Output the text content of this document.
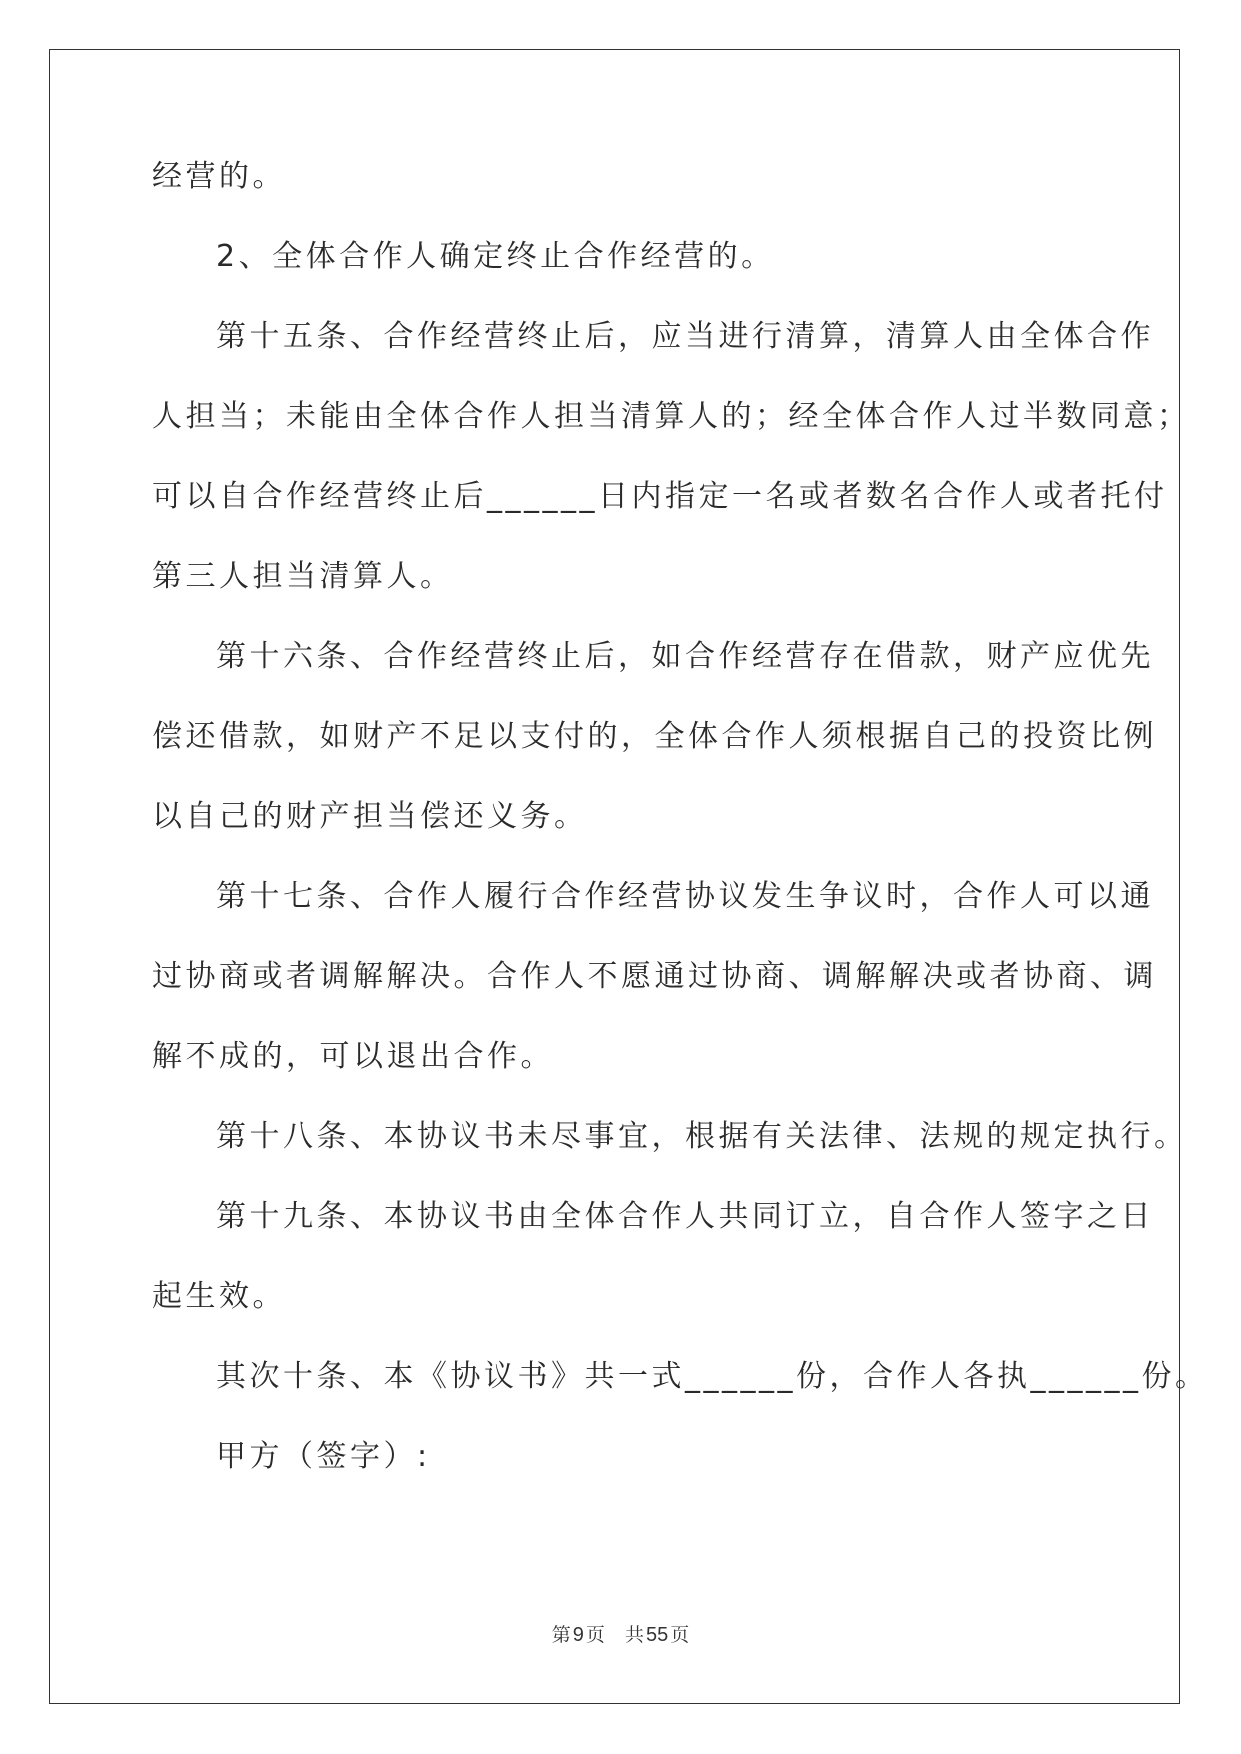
经营的。
2、全体合作人确定终止合作经营的。
第十五条、合作经营终止后，应当进行清算，清算人由全体合作
人担当；未能由全体合作人担当清算人的；经全体合作人过半数同意；
可以自合作经营终止后______日内指定一名或者数名合作人或者托付
第三人担当清算人。
第十六条、合作经营终止后，如合作经营存在借款，财产应优先
偿还借款，如财产不足以支付的，全体合作人须根据自己的投资比例
以自己的财产担当偿还义务。
第十七条、合作人履行合作经营协议发生争议时，合作人可以通
过协商或者调解解决。合作人不愿通过协商、调解解决或者协商、调
解不成的，可以退出合作。
第十八条、本协议书未尽事宜，根据有关法律、法规的规定执行。
第十九条、本协议书由全体合作人共同订立，自合作人签字之日
起生效。
其次十条、本《协议书》共一式______份，合作人各执______份。
甲方（签字）:
第 9 页 共 55 页
